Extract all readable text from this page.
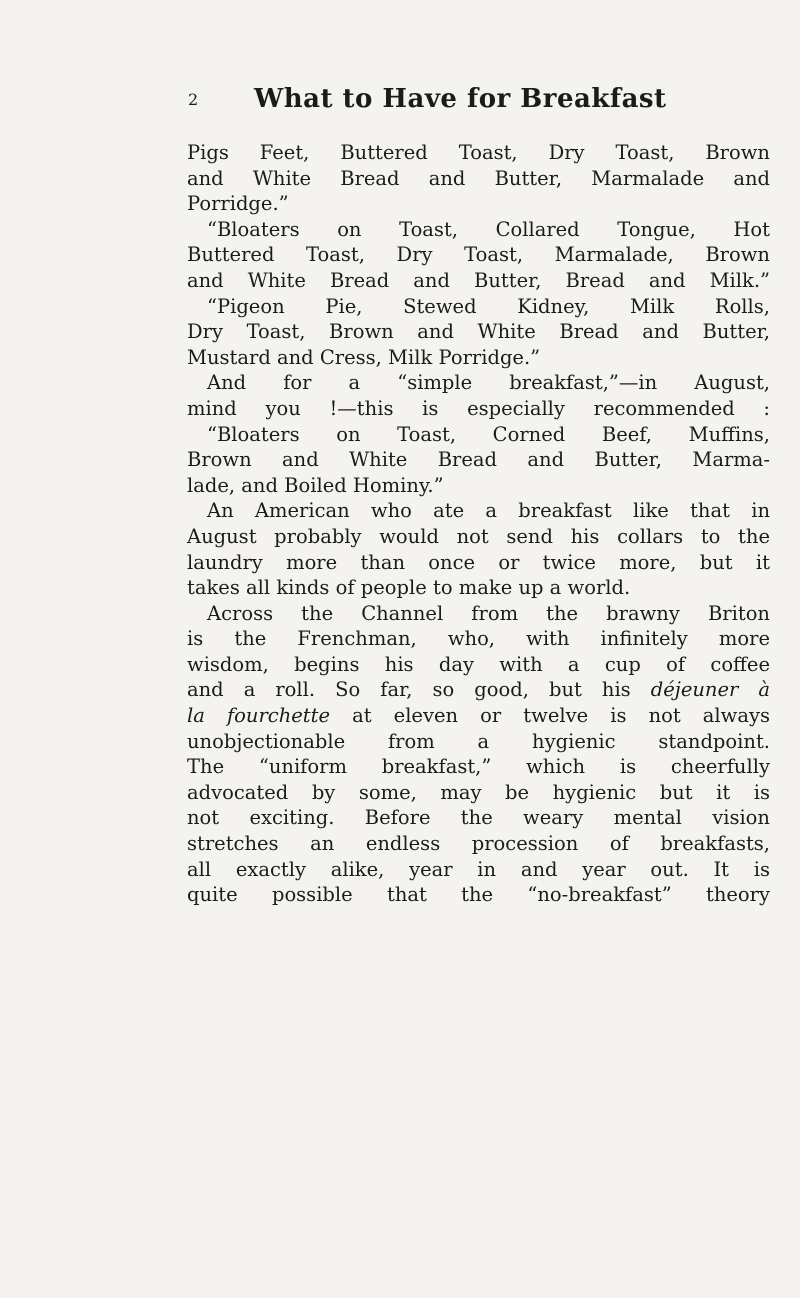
2 What to Have for Breakfast
Pigs Feet, Buttered Toast, Dry Toast, Brown
and White Bread and Butter, Marmalade and
Porridge.”
“Bloaters on Toast, Collared Tongue, Hot
Buttered Toast, Dry Toast, Marmalade, Brown
and White Bread and Butter, Bread and Milk.”
“Pigeon Pie, Stewed Kidney, Milk Rolls,
Dry Toast, Brown and White Bread and Butter,
Mustard and Cress, Milk Porridge.”
And for a “simple breakfast,”—in August,
mind you !—this is especially recommended :
“Bloaters on Toast, Corned Beef, Muffins,
Brown and White Bread and Butter, Marma-
lade, and Boiled Hominy.”
An American who ate a breakfast like that in
August probably would not send his collars to the
laundry more than once or twice more, but it
takes all kinds of people to make up a world.
Across the Channel from the brawny Briton
is the Frenchman, who, with infinitely more
wisdom, begins his day with a cup of coffee
and a roll. So far, so good, but his déjeuner à
la fourchette at eleven or twelve is not always
unobjectionable from a hygienic standpoint.
The “uniform breakfast,” which is cheerfully
advocated by some, may be hygienic but it is
not exciting. Before the weary mental vision
stretches an endless procession of breakfasts,
all exactly alike, year in and year out. It is
quite possible that the “no-breakfast” theory
